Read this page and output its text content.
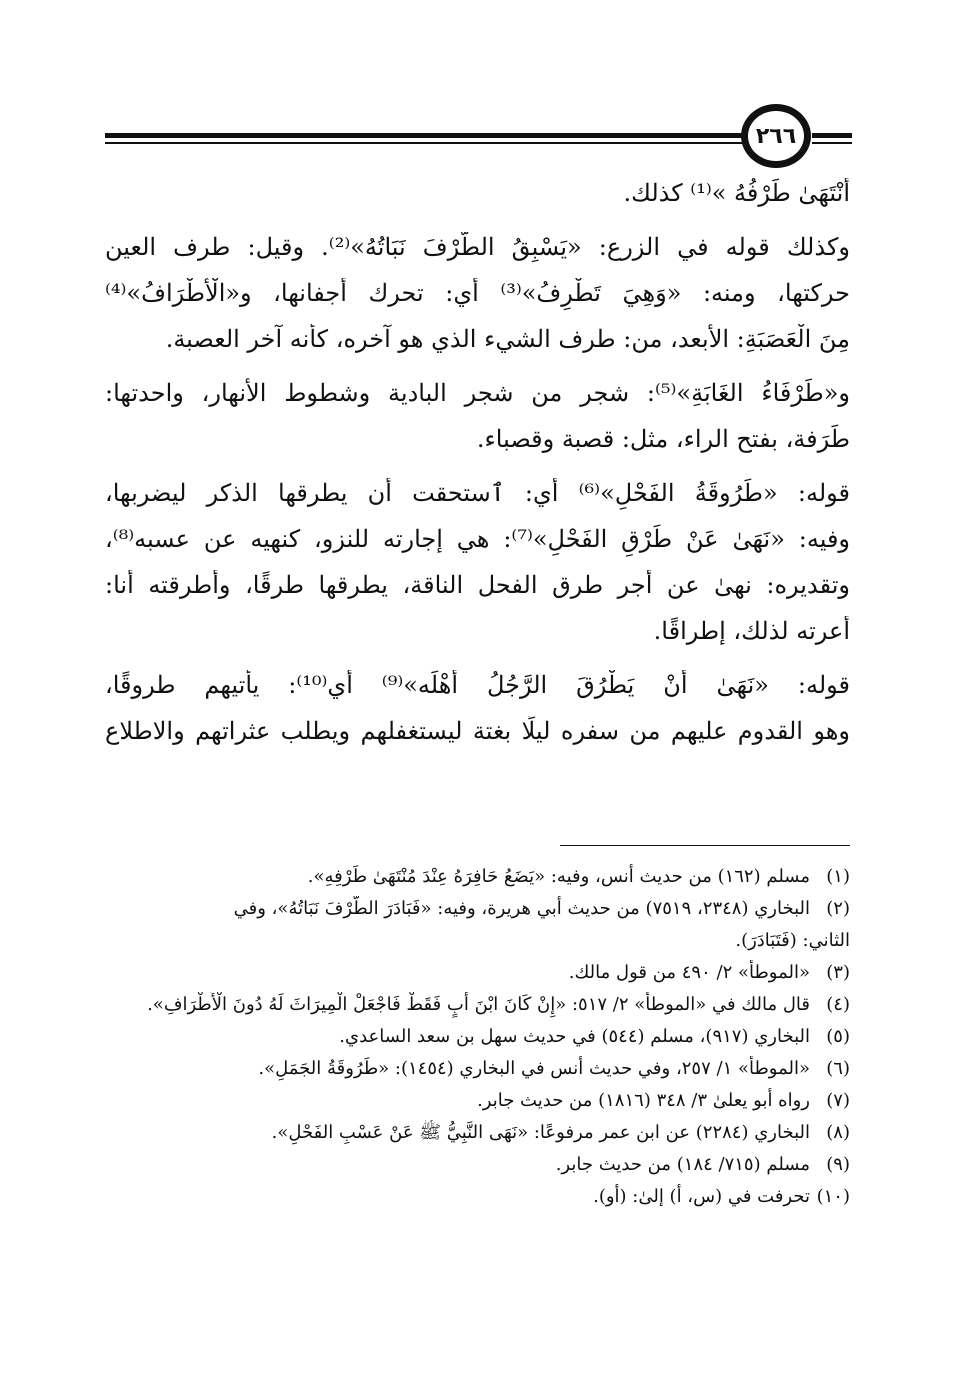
٢٦٦
أَنْتَهَىٰ طَرْفُهُ »⁽¹⁾ كذلك.
وكذلك قوله في الزرع: «يَسْبِقُ الطَّرْفَ نَبَاتُهُ»⁽²⁾. وقيل: طرف العين
حركتها، ومنه: «وَهِيَ تَطْرِفُ»⁽³⁾ أي: تحرك أجفانها، و«الْأَطْرَافُ»⁽⁴⁾
مِنَ الْعَصَبَةِ: الأبعد، من: طرف الشيء الذي هو آخره، كأنه آخر العصبة.
و«طَرْفَاءُ الغَابَةِ»⁽⁵⁾: شجر من شجر البادية وشطوط الأنهار، واحدتها:
طَرَفة، بفتح الراء، مثل: قصبة وقصباء.
قوله: «طَرُوقَةُ الفَحْلِ»⁽⁶⁾ أي: ٱستحقت أن يطرقها الذكر ليضربها،
وفيه: «نَهَىٰ عَنْ طَرْقِ الفَحْلِ»⁽⁷⁾: هي إجارته للنزو، كنهيه عن عسبه⁽⁸⁾،
وتقديره: نهىٰ عن أجر طرق الفحل الناقة، يطرقها طرقًا، وأطرقته أنا:
أعرته لذلك، إطراقًا.
قوله: «نَهَىٰ أَنْ يَطْرُقَ الرَّجُلُ أَهْلَه»⁽⁹⁾ أي⁽¹⁰⁾: يأتيهم طروقًا،
وهو القدوم عليهم من سفره ليلًا بغتة ليستغفلهم ويطلب عثراتهم والاطلاع
(١)مسلم (١٦٢) من حديث أنس، وفيه: «يَضَعُ حَافِرَهُ عِنْدَ مُنْتَهَىٰ طَرْفِهِ».
(٢)البخاري (٢٣٤٨، ٧٥١٩) من حديث أبي هريرة، وفيه: «فَبَادَرَ الطَّرْفَ نَبَاتُهُ»، وفي
الثاني: (فَتَبَادَرَ).
(٣)«الموطأ» ٢/ ٤٩٠ من قول مالك.
(٤)قال مالك في «الموطأ» ٢/ ٥١٧: «إِنْ كَانَ ابْنَ أَبٍ فَقَطْ فَاجْعَلْ الْمِيرَاثَ لَهُ دُونَ الْأَطْرَافِ».
(٥)البخاري (٩١٧)، مسلم (٥٤٤) في حديث سهل بن سعد الساعدي.
(٦)«الموطأ» ١/ ٢٥٧، وفي حديث أنس في البخاري (١٤٥٤): «طَرُوقَةُ الجَمَلِ».
(٧)رواه أبو يعلىٰ ٣/ ٣٤٨ (١٨١٦) من حديث جابر.
(٨)البخاري (٢٢٨٤) عن ابن عمر مرفوعًا: «نَهَى النَّبِيُّ ﷺ عَنْ عَسْبِ الفَحْلِ».
(٩)مسلم (٧١٥/ ١٨٤) من حديث جابر.
(١٠)تحرفت في (س، أ) إلىٰ: (أو).
